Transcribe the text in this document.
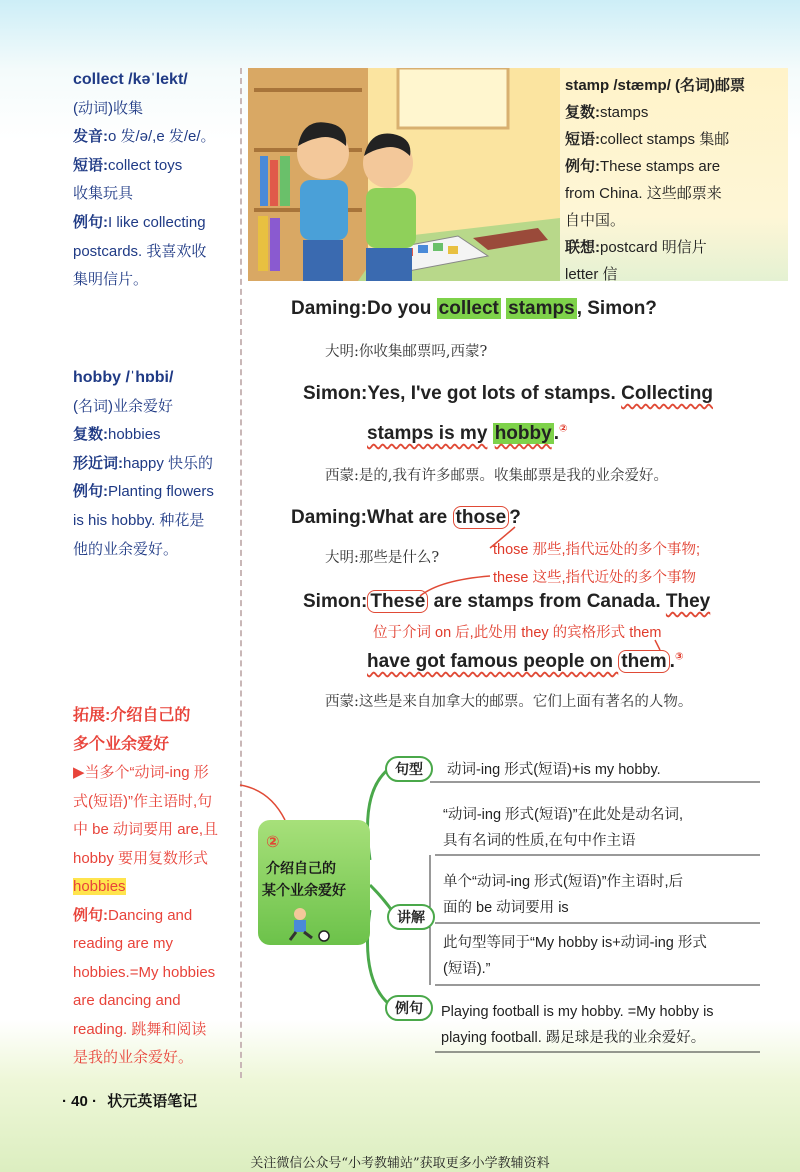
collect /kəˈlekt/
(动词)收集
发音:o 发/ə/,e 发/e/。
短语:collect toys
收集玩具
例句:I like collecting
postcards. 我喜欢收
集明信片。
hobby /ˈhɒbi/
(名词)业余爱好
复数:hobbies
形近词:happy 快乐的
例句:Planting flowers
is his hobby. 种花是
他的业余爱好。
stamp /stæmp/ (名词)邮票
复数:stamps
短语:collect stamps 集邮
例句:These stamps are
from China. 这些邮票来
自中国。
联想:postcard 明信片
letter 信
Daming:Do you collect stamps , Simon?
大明:你收集邮票吗,西蒙?
Simon:Yes, I've got lots of stamps. Collecting
stamps is my hobby .②
西蒙:是的,我有许多邮票。收集邮票是我的业余爱好。
Daming:What are those ?
大明:那些是什么?	those 那些,指代远处的多个事物;
these 这些,指代近处的多个事物
Simon: These are stamps from Canada. They
位于介词 on 后,此处用 they 的宾格形式 them
have got famous people on them .③
西蒙:这些是来自加拿大的邮票。它们上面有著名的人物。
拓展:介绍自己的
多个业余爱好
▶当多个“动词-ing 形
式(短语)”作主语时,句
中 be 动词要用 are,且
hobby 要用复数形式
hobbies
例句:Dancing and
reading are my
hobbies.=My hobbies
are dancing and
reading. 跳舞和阅读
是我的业余爱好。
②
介绍自己的
某个业余爱好
句型	动词-ing 形式(短语)+is my hobby.
讲解
“动词-ing 形式(短语)”在此处是动名词,
具有名词的性质,在句中作主语
单个“动词-ing 形式(短语)”作主语时,后
面的 be 动词要用 is
此句型等同于“My hobby is+动词-ing 形式
(短语).”
例句	Playing football is my hobby. =My hobby is
playing football. 踢足球是我的业余爱好。
· 40 · 状元英语笔记
关注微信公众号“小考教辅站”获取更多小学教辅资料
